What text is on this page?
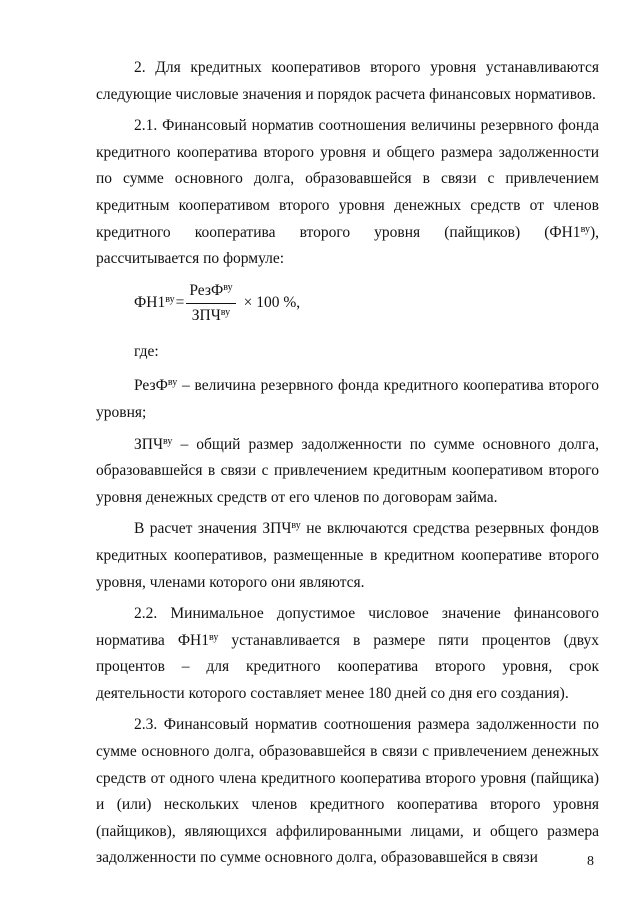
2. Для кредитных кооперативов второго уровня устанавливаются следующие числовые значения и порядок расчета финансовых нормативов.

2.1. Финансовый норматив соотношения величины резервного фонда кредитного кооператива второго уровня и общего размера задолженности по сумме основного долга, образовавшейся в связи с привлечением кредитным кооперативом второго уровня денежных средств от членов кредитного кооператива второго уровня (пайщиков) $(ФН1^{ву})$, рассчитывается по формуле:

$ФН1^{ву} = \frac{РезФ^{ву}}{ЗПЧ^{ву}} \times 100$ %,

где:

РезФ$^{ву}$ – величина резервного фонда кредитного кооператива второго уровня;

$ЗПЧ^{ву}$ – общий размер задолженности по сумме основного долга, образовавшейся в связи с привлечением кредитным кооперативом второго уровня денежных средств от его членов по договорам займа.

В расчет значения $ЗПЧ^{ву}$ не включаются средства резервных фондов кредитных кооперативов, размещенные в кредитном кооперативе второго уровня, членами которого они являются.

2.2. Минимальное допустимое числовое значение финансового норматива $ФН1^{ву}$ устанавливается в размере пяти процентов (двух процентов – для кредитного кооператива второго уровня, срок деятельности которого составляет менее 180 дней со дня его создания).

2.3. Финансовый норматив соотношения размера задолженности по сумме основного долга, образовавшейся в связи с привлечением денежных средств от одного члена кредитного кооператива второго уровня (пайщика) и (или) нескольких членов кредитного кооператива второго уровня (пайщиков), являющихся аффилированными лицами, и общего размера задолженности по сумме основного долга, образовавшейся в связи	8
